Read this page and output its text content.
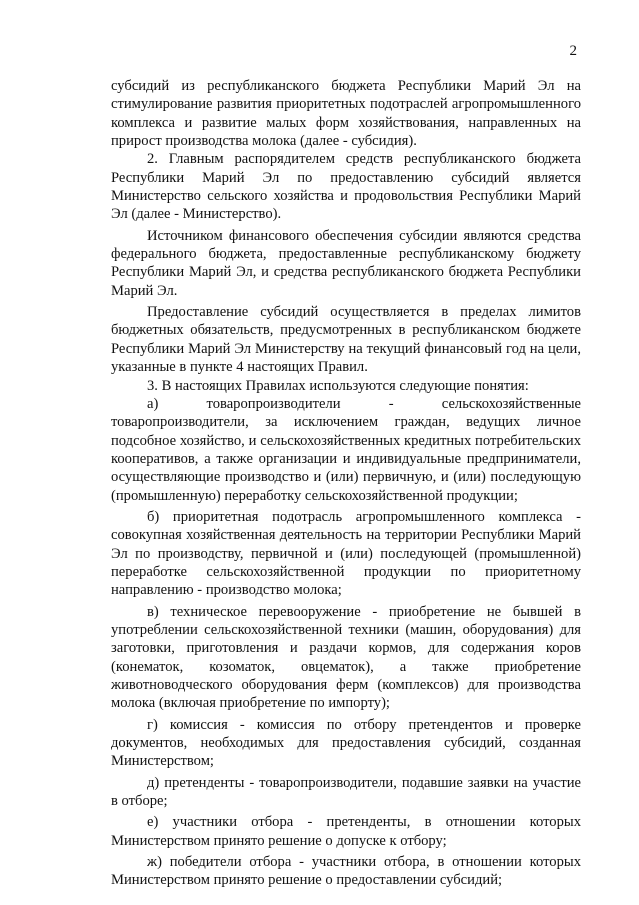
2

субсидий из республиканского бюджета Республики Марий Эл на стимулирование развития приоритетных подотраслей агропромышленного комплекса и развитие малых форм хозяйствования, направленных на прирост производства молока (далее - субсидия).

2. Главным распорядителем средств республиканского бюджета Республики Марий Эл по предоставлению субсидий является Министерство сельского хозяйства и продовольствия Республики Марий Эл (далее - Министерство).

Источником финансового обеспечения субсидии являются средства федерального бюджета, предоставленные республиканскому бюджету Республики Марий Эл, и средства республиканского бюджета Республики Марий Эл.

Предоставление субсидий осуществляется в пределах лимитов бюджетных обязательств, предусмотренных в республиканском бюджете Республики Марий Эл Министерству на текущий финансовый год на цели, указанные в пункте 4 настоящих Правил.

3. В настоящих Правилах используются следующие понятия:

а) товаропроизводители - сельскохозяйственные товаропроизводители, за исключением граждан, ведущих личное подсобное хозяйство, и сельскохозяйственных кредитных потребительских кооперативов, а также организации и индивидуальные предприниматели, осуществляющие производство и (или) первичную, и (или) последующую (промышленную) переработку сельскохозяйственной продукции;

б) приоритетная подотрасль агропромышленного комплекса - совокупная хозяйственная деятельность на территории Республики Марий Эл по производству, первичной и (или) последующей (промышленной) переработке сельскохозяйственной продукции по приоритетному направлению - производство молока;

в) техническое перевооружение - приобретение не бывшей в употреблении сельскохозяйственной техники (машин, оборудования) для заготовки, приготовления и раздачи кормов, для содержания коров (конематок, козоматок, овцематок), а также приобретение животноводческого оборудования ферм (комплексов) для производства молока (включая приобретение по импорту);

г) комиссия - комиссия по отбору претендентов и проверке документов, необходимых для предоставления субсидий, созданная Министерством;

д) претенденты - товаропроизводители, подавшие заявки на участие в отборе;

е) участники отбора - претенденты, в отношении которых Министерством принято решение о допуске к отбору;

ж) победители отбора - участники отбора, в отношении которых Министерством принято решение о предоставлении субсидий;
